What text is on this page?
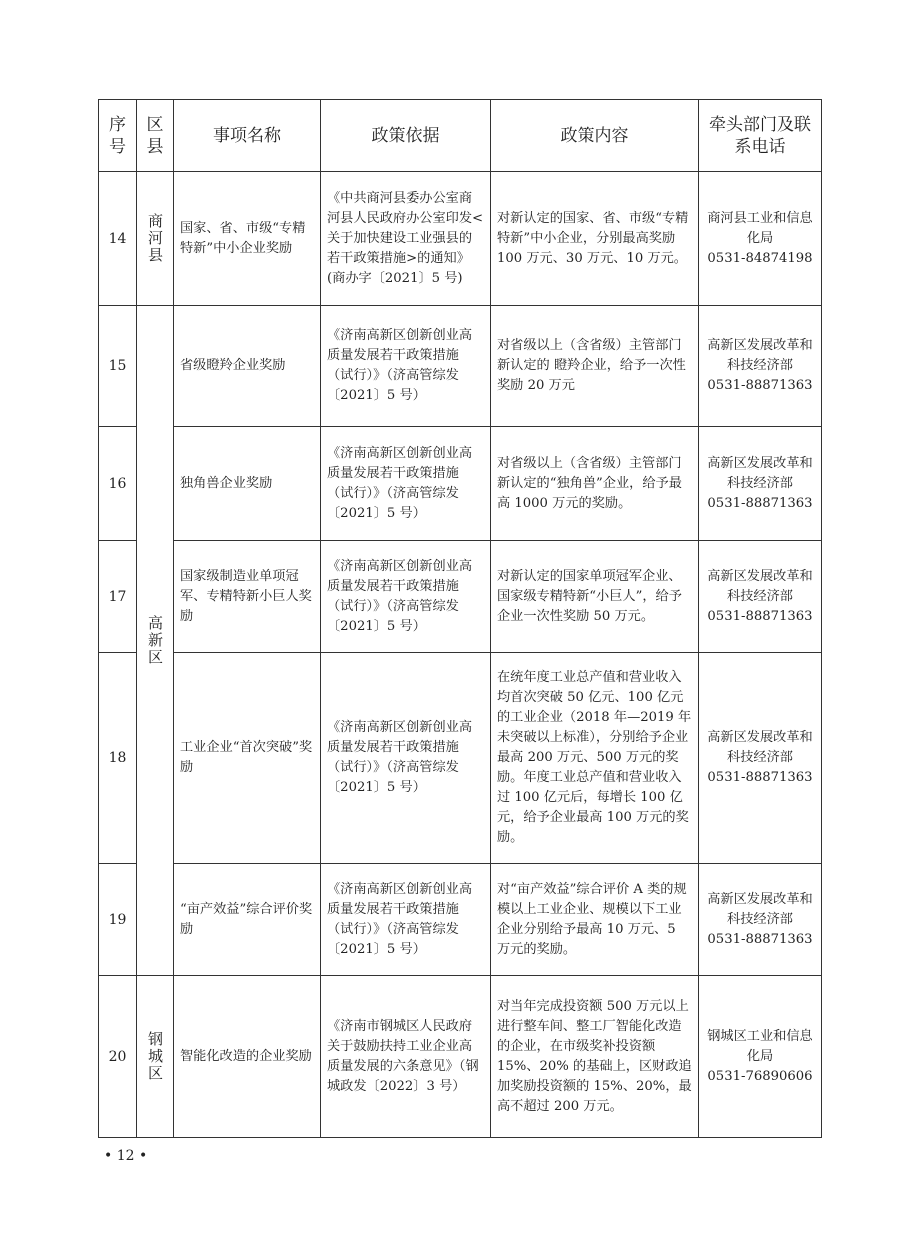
序号	区县	事项名称	政策依据	政策内容	牵头部门及联系电话
14	商河县	国家、省、市级“专精特新”中小企业奖励	《中共商河县委办公室商河县人民政府办公室印发<关于加快建设工业强县的若干政策措施>的通知》(商办字〔2021〕5 号)	对新认定的国家、省、市级“专精特新”中小企业，分别最高奖励 100 万元、30 万元、10 万元。	商河县工业和信息化局
0531-84874198

15	高新区	省级瞪羚企业奖励	《济南高新区创新创业高质量发展若干政策措施（试行）》（济高管综发〔2021〕5 号）	对省级以上（含省级）主管部门新认定的 瞪羚企业，给予一次性奖励 20 万元	高新区发展改革和科技经济部
0531-88871363

16		独角兽企业奖励	《济南高新区创新创业高质量发展若干政策措施（试行）》（济高管综发〔2021〕5 号）	对省级以上（含省级）主管部门新认定的“独角兽”企业，给予最高 1000 万元的奖励。	高新区发展改革和科技经济部
0531-88871363

17		国家级制造业单项冠军、专精特新小巨人奖励	《济南高新区创新创业高质量发展若干政策措施（试行）》（济高管综发〔2021〕5 号）	对新认定的国家单项冠军企业、国家级专精特新“小巨人”，给予企业一次性奖励 50 万元。	高新区发展改革和科技经济部
0531-88871363

18		工业企业“首次突破”奖励	《济南高新区创新创业高质量发展若干政策措施（试行）》（济高管综发〔2021〕5 号）	在统年度工业总产值和营业收入均首次突破 50 亿元、100 亿元的工业企业（2018 年—2019 年未突破以上标准），分别给予企业最高 200 万元、500 万元的奖励。年度工业总产值和营业收入过 100 亿元后，每增长 100 亿元，给予企业最高 100 万元的奖励。	高新区发展改革和科技经济部
0531-88871363

19		“亩产效益”综合评价奖励	《济南高新区创新创业高质量发展若干政策措施（试行）》（济高管综发〔2021〕5 号）	对“亩产效益”综合评价 A 类的规模以上工业企业、规模以下工业企业分别给予最高 10 万元、5 万元的奖励。	高新区发展改革和科技经济部
0531-88871363

20	钢城区	智能化改造的企业奖励	《济南市钢城区人民政府关于鼓励扶持工业企业高质量发展的六条意见》（钢城政发〔2022〕3 号）	对当年完成投资额 500 万元以上进行整车间、整工厂智能化改造的企业，在市级奖补投资额 15%、20% 的基础上，区财政追加奖励投资额的 15%、20%，最高不超过 200 万元。	钢城区工业和信息化局
0531-76890606
• 12 •
